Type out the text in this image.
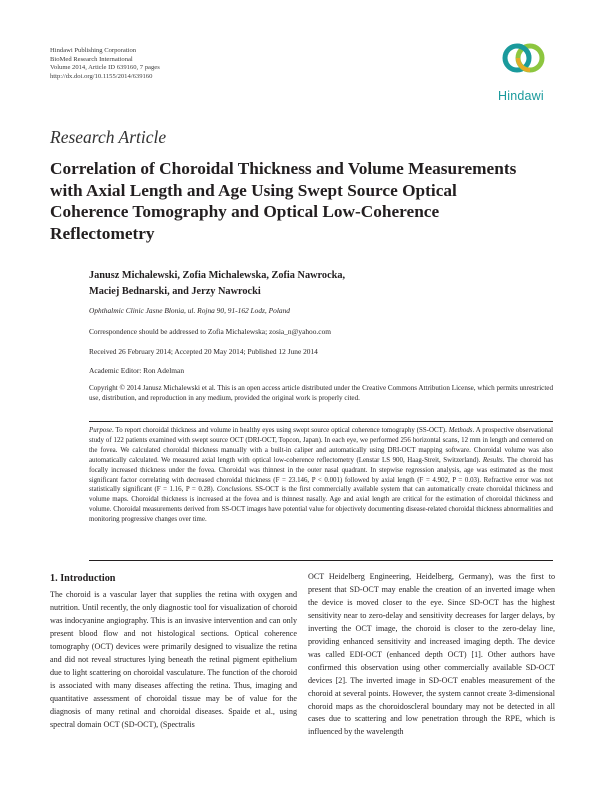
Hindawi Publishing Corporation
BioMed Research International
Volume 2014, Article ID 639160, 7 pages
http://dx.doi.org/10.1155/2014/639160
Hindawi
Research Article
Correlation of Choroidal Thickness and Volume Measurements with Axial Length and Age Using Swept Source Optical Coherence Tomography and Optical Low-Coherence Reflectometry
Janusz Michalewski, Zofia Michalewska, Zofia Nawrocka,
Maciej Bednarski, and Jerzy Nawrocki
Ophthalmic Clinic Jasne Blonia, ul. Rojna 90, 91-162 Lodz, Poland
Correspondence should be addressed to Zofia Michalewska; zosia_n@yahoo.com
Received 26 February 2014; Accepted 20 May 2014; Published 12 June 2014
Academic Editor: Ron Adelman
Copyright © 2014 Janusz Michalewski et al. This is an open access article distributed under the Creative Commons Attribution License, which permits unrestricted use, distribution, and reproduction in any medium, provided the original work is properly cited.
Purpose. To report choroidal thickness and volume in healthy eyes using swept source optical coherence tomography (SS-OCT). Methods. A prospective observational study of 122 patients examined with swept source OCT (DRI-OCT, Topcon, Japan). In each eye, we performed 256 horizontal scans, 12 mm in length and centered on the fovea. We calculated choroidal thickness manually with a built-in caliper and automatically using DRI-OCT mapping software. Choroidal volume was also automatically calculated. We measured axial length with optical low-coherence reflectometry (Lenstar LS 900, Haag-Streit, Switzerland). Results. The choroid has focally increased thickness under the fovea. Choroidal was thinnest in the outer nasal quadrant. In stepwise regression analysis, age was estimated as the most significant factor correlating with decreased choroidal thickness (F = 23.146, P < 0.001) followed by axial length (F = 4.902, P = 0.03). Refractive error was not statistically significant (F = 1.16, P = 0.28). Conclusions. SS-OCT is the first commercially available system that can automatically create choroidal thickness and volume maps. Choroidal thickness is increased at the fovea and is thinnest nasally. Age and axial length are critical for the estimation of choroidal thickness and volume. Choroidal measurements derived from SS-OCT images have potential value for objectively documenting disease-related choroidal thickness abnormalities and monitoring progressive changes over time.
1. Introduction
The choroid is a vascular layer that supplies the retina with oxygen and nutrition. Until recently, the only diagnostic tool for visualization of choroid was indocyanine angiography. This is an invasive intervention and can only present blood flow and not histological sections. Optical coherence tomography (OCT) devices were primarily designed to visualize the retina and did not reveal structures lying beneath the retinal pigment epithelium due to light scattering on choroidal vasculature. The function of the choroid is associated with many diseases affecting the retina. Thus, imaging and quantitative assessment of choroidal tissue may be of value for the diagnosis of many retinal and choroidal diseases. Spaide et al., using spectral domain OCT (SD-OCT), (Spectralis
OCT Heidelberg Engineering, Heidelberg, Germany), was the first to present that SD-OCT may enable the creation of an inverted image when the device is moved closer to the eye. Since SD-OCT has the highest sensitivity near to zero-delay and sensitivity decreases for larger delays, by inverting the OCT image, the choroid is closer to the zero-delay line, providing enhanced sensitivity and increased imaging depth. The device was called EDI-OCT (enhanced depth OCT) [1]. Other authors have confirmed this observation using other commercially available SD-OCT devices [2]. The inverted image in SD-OCT enables measurement of the choroid at several points. However, the system cannot create 3-dimensional choroid maps as the choroidoscleral boundary may not be detected in all cases due to scattering and low penetration through the RPE, which is influenced by the wavelength
